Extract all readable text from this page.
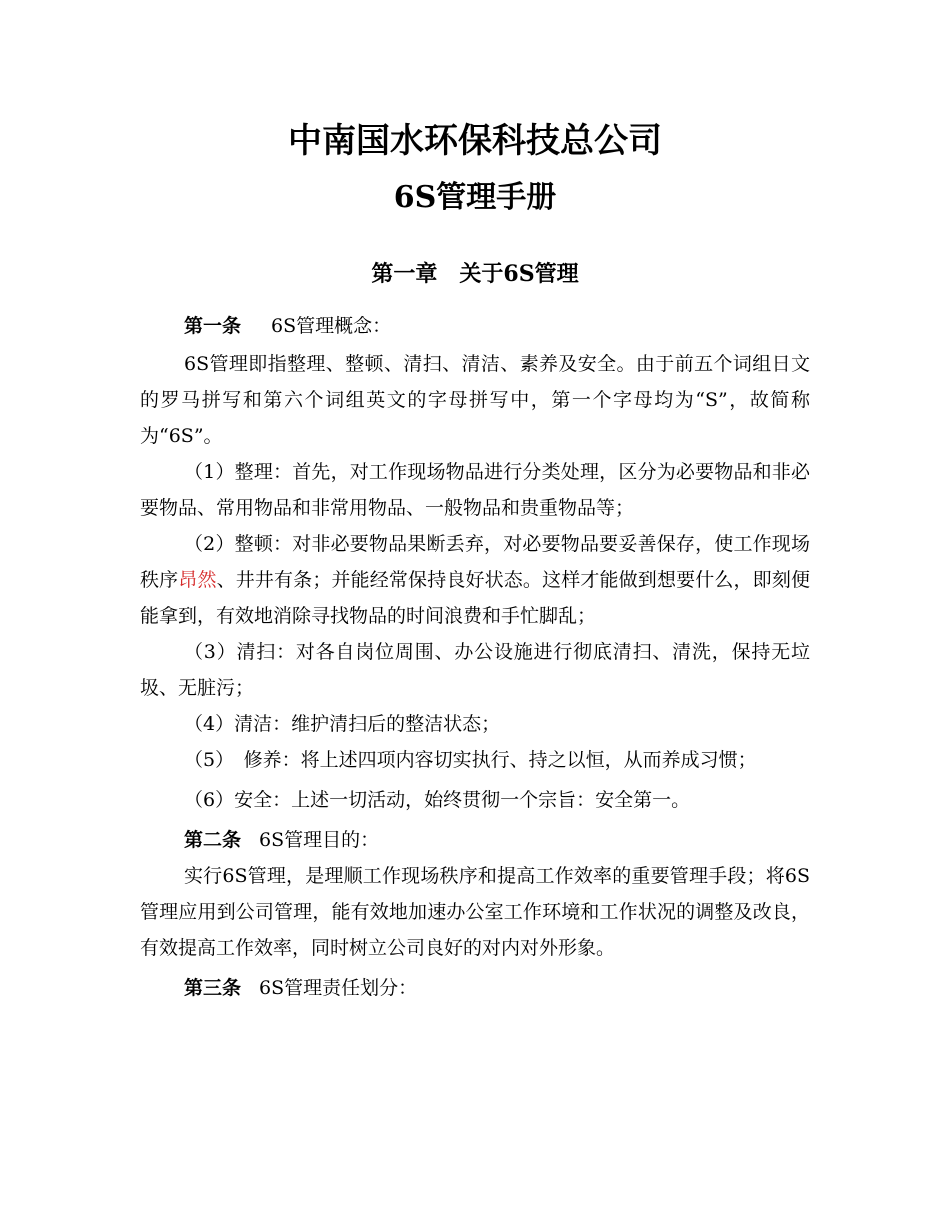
中南国水环保科技总公司
6S管理手册
第一章　关于6S管理
第一条 6S管理概念：

6S管理即指整理、整顿、清扫、清洁、素养及安全。由于前五个词组日文的罗马拼写和第六个词组英文的字母拼写中，第一个字母均为“S”，故简称为“6S”。

（1）整理：首先，对工作现场物品进行分类处理，区分为必要物品和非必要物品、常用物品和非常用物品、一般物品和贵重物品等；

（2）整顿：对非必要物品果断丢弃，对必要物品要妥善保存，使工作现场秩序昂然、井井有条；并能经常保持良好状态。这样才能做到想要什么，即刻便能拿到，有效地消除寻找物品的时间浪费和手忙脚乱；

（3）清扫：对各自岗位周围、办公设施进行彻底清扫、清洗，保持无垃圾、无脏污；

（4）清洁：维护清扫后的整洁状态；

（5）　修养：将上述四项内容切实执行、持之以恒，从而养成习惯；

（6）安全：上述一切活动，始终贯彻一个宗旨：安全第一。

第二条 6S管理目的：

实行6S管理，是理顺工作现场秩序和提高工作效率的重要管理手段；将6S管理应用到公司管理，能有效地加速办公室工作环境和工作状况的调整及改良，有效提高工作效率，同时树立公司良好的对内对外形象。

第三条 6S管理责任划分：
